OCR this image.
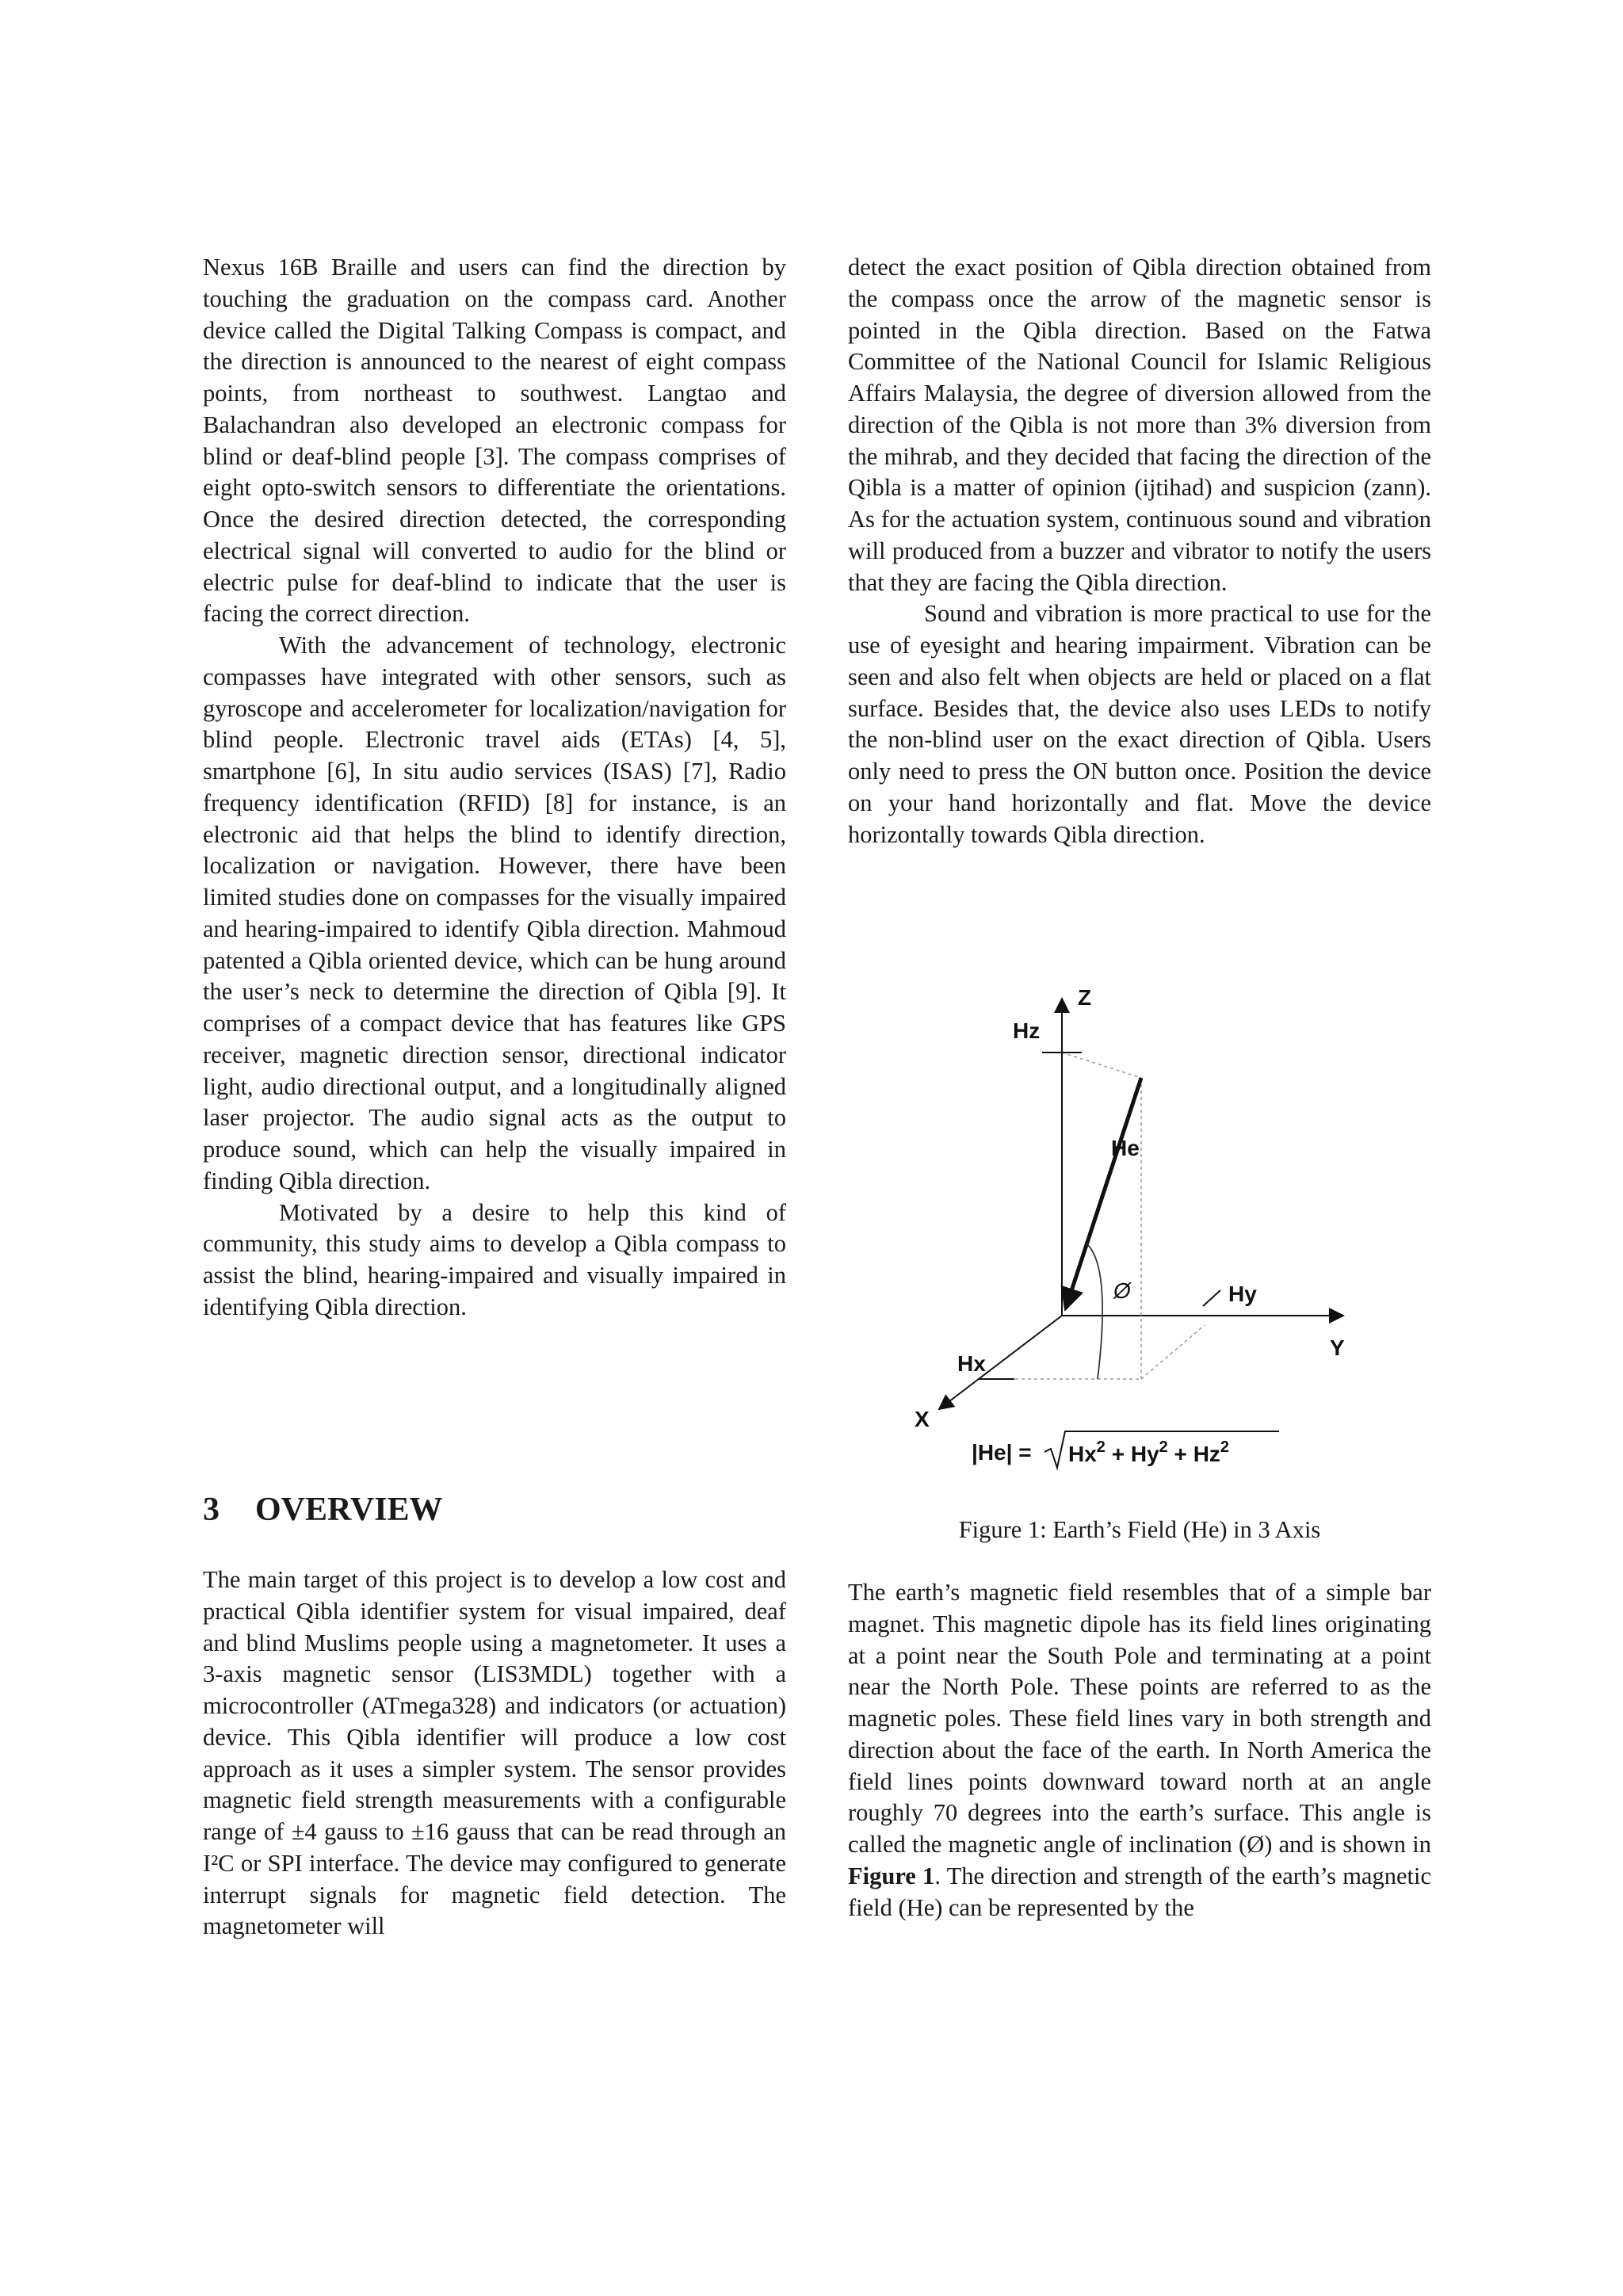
Nexus 16B Braille and users can find the direction by touching the graduation on the compass card. Another device called the Digital Talking Compass is compact, and the direction is announced to the nearest of eight compass points, from northeast to southwest. Langtao and Balachandran also developed an electronic compass for blind or deaf-blind people [3]. The compass comprises of eight opto-switch sensors to differentiate the orientations. Once the desired direction detected, the corresponding electrical signal will converted to audio for the blind or electric pulse for deaf-blind to indicate that the user is facing the correct direction.

With the advancement of technology, electronic compasses have integrated with other sensors, such as gyroscope and accelerometer for localization/navigation for blind people. Electronic travel aids (ETAs) [4, 5], smartphone [6], In situ audio services (ISAS) [7], Radio frequency identification (RFID) [8] for instance, is an electronic aid that helps the blind to identify direction, localization or navigation. However, there have been limited studies done on compasses for the visually impaired and hearing-impaired to identify Qibla direction. Mahmoud patented a Qibla oriented device, which can be hung around the user’s neck to determine the direction of Qibla [9]. It comprises of a compact device that has features like GPS receiver, magnetic direction sensor, directional indicator light, audio directional output, and a longitudinally aligned laser projector. The audio signal acts as the output to produce sound, which can help the visually impaired in finding Qibla direction.

Motivated by a desire to help this kind of community, this study aims to develop a Qibla compass to assist the blind, hearing-impaired and visually impaired in identifying Qibla direction.

3 OVERVIEW

The main target of this project is to develop a low cost and practical Qibla identifier system for visual impaired, deaf and blind Muslims people using a magnetometer. It uses a 3-axis magnetic sensor (LIS3MDL) together with a microcontroller (ATmega328) and indicators (or actuation) device. This Qibla identifier will produce a low cost approach as it uses a simpler system. The sensor provides magnetic field strength measurements with a configurable range of ±4 gauss to ±16 gauss that can be read through an I²C or SPI interface. The device may configured to generate interrupt signals for magnetic field detection. The magnetometer will

detect the exact position of Qibla direction obtained from the compass once the arrow of the magnetic sensor is pointed in the Qibla direction. Based on the Fatwa Committee of the National Council for Islamic Religious Affairs Malaysia, the degree of diversion allowed from the direction of the Qibla is not more than 3% diversion from the mihrab, and they decided that facing the direction of the Qibla is a matter of opinion (ijtihad) and suspicion (zann). As for the actuation system, continuous sound and vibration will produced from a buzzer and vibrator to notify the users that they are facing the Qibla direction.

Sound and vibration is more practical to use for the use of eyesight and hearing impairment. Vibration can be seen and also felt when objects are held or placed on a flat surface. Besides that, the device also uses LEDs to notify the non-blind user on the exact direction of Qibla. Users only need to press the ON button once. Position the device on your hand horizontally and flat. Move the device horizontally towards Qibla direction.

Z
Y
X
Hz
Hy
Hx
He
Ø
$|He| = Hx^2 + Hy^2 + Hz^2$
Figure 1: Earth’s Field (He) in 3 Axis

The earth’s magnetic field resembles that of a simple bar magnet. This magnetic dipole has its field lines originating at a point near the South Pole and terminating at a point near the North Pole. These points are referred to as the magnetic poles. These field lines vary in both strength and direction about the face of the earth. In North America the field lines points downward toward north at an angle roughly 70 degrees into the earth’s surface. This angle is called the magnetic angle of inclination (Ø) and is shown in Figure 1. The direction and strength of the earth’s magnetic field (He) can be represented by the
